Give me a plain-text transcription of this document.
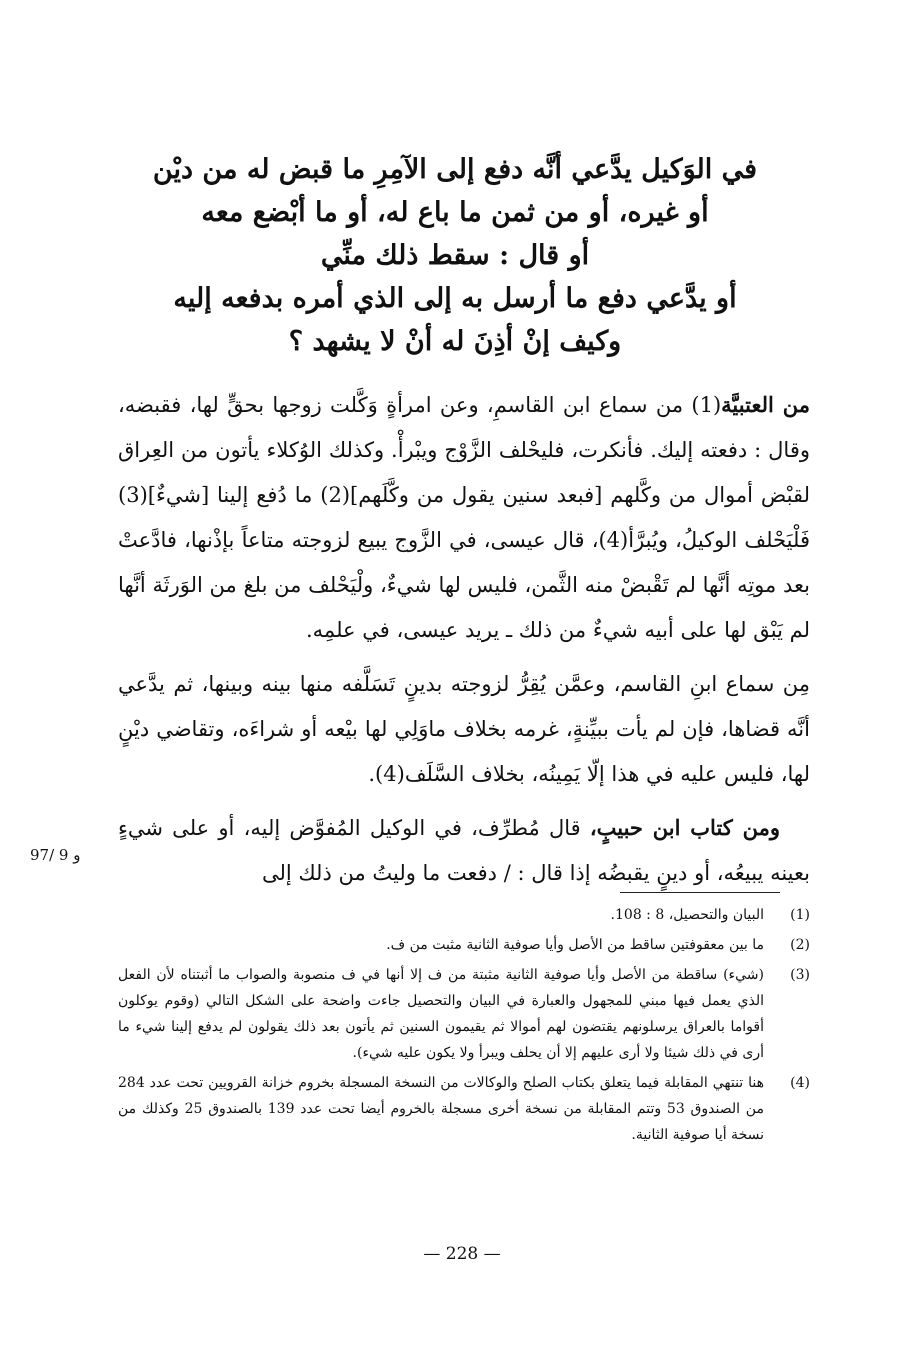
في الوَكيل يدَّعي أنَّه دفع إلى الآمِرِ ما قبض له من ديْن
أو غيره، أو من ثمن ما باع له، أو ما أبْضع معه
أو قال : سقط ذلك منِّي
أو يدَّعي دفع ما أرسل به إلى الذي أمره بدفعه إليه
وكيف إنْ أذِنَ له أنْ لا يشهد ؟

من العتبيَّة(1) من سماع ابن القاسمِ، وعن امرأةٍ وَكَّلت زوجها بحقٍّ لها، فقبضه، وقال : دفعته إليك. فأنكرت، فليحْلف الزَّوْج ويبْرأْ. وكذلك الوُكلاء يأتون من العِراق لقبْض أموال من وكَّلهم [فبعد سنين يقول من وكَّلَهم](2) ما دُفع إلينا [شيءٌ](3) فَلْيَحْلف الوكيلُ، ويُبرَّأ(4)، قال عيسى، في الزَّوج يبيع لزوجته متاعاً بإذْنها، فادَّعتْ بعد موتِه أنَّها لم تَقْبضْ منه الثَّمن، فليس لها شيءٌ، ولْيَحْلف من بلغ من الوَرثَة أنَّها لم يَبْق لها على أبيه شيءٌ من ذلك ـ يريد عيسى، في علمِه.

مِن سماع ابنِ القاسم، وعمَّن يُقِرُّ لزوجته بدينٍ تَسَلَّفه منها بينه وبينها، ثم يدَّعي أنَّه قضاها، فإن لم يأت ببيِّنةٍ، غرمه بخلاف ماوَلِي لها بيْعه أو شراءَه، وتقاضي ديْنٍ لها، فليس عليه في هذا إلّا يَمِينُه، بخلاف السَّلَف(4).

ومن كتاب ابن حبيبٍ، قال مُطرِّف، في الوكيل المُفوَّض إليه، أو على شيءٍ بعينه يبيعُه، أو دينٍ يقبضُه إذا قال : / دفعت ما وليتُ من ذلك إلى

97/ و 9
(1)
البيان والتحصيل، 8 : 108.
(2)
ما بين معقوفتين ساقط من الأصل وأيا صوفية الثانية مثبت من ف.
(3)
(شيء) ساقطة من الأصل وأيا صوفية الثانية مثبتة من ف إلا أنها في ف منصوبة والصواب ما أثبتناه لأن الفعل الذي يعمل فيها مبني للمجهول والعبارة في البيان والتحصيل جاءت واضحة على الشكل التالي (وقوم يوكلون أقواما بالعراق يرسلونهم يقتضون لهم أموالا ثم يقيمون السنين ثم يأتون بعد ذلك يقولون لم يدفع إلينا شيء ما أرى في ذلك شيئا ولا أرى عليهم إلا أن يحلف ويبرأ ولا يكون عليه شيء).
(4)
هنا تنتهي المقابلة فيما يتعلق بكتاب الصلح والوكالات من النسخة المسجلة بخروم خزانة القرويين تحت عدد 284 من الصندوق 53 وتتم المقابلة من نسخة أخرى مسجلة بالخروم أيضا تحت عدد 139 بالصندوق 25 وكذلك من نسخة أيا صوفية الثانية.
— 228 —
